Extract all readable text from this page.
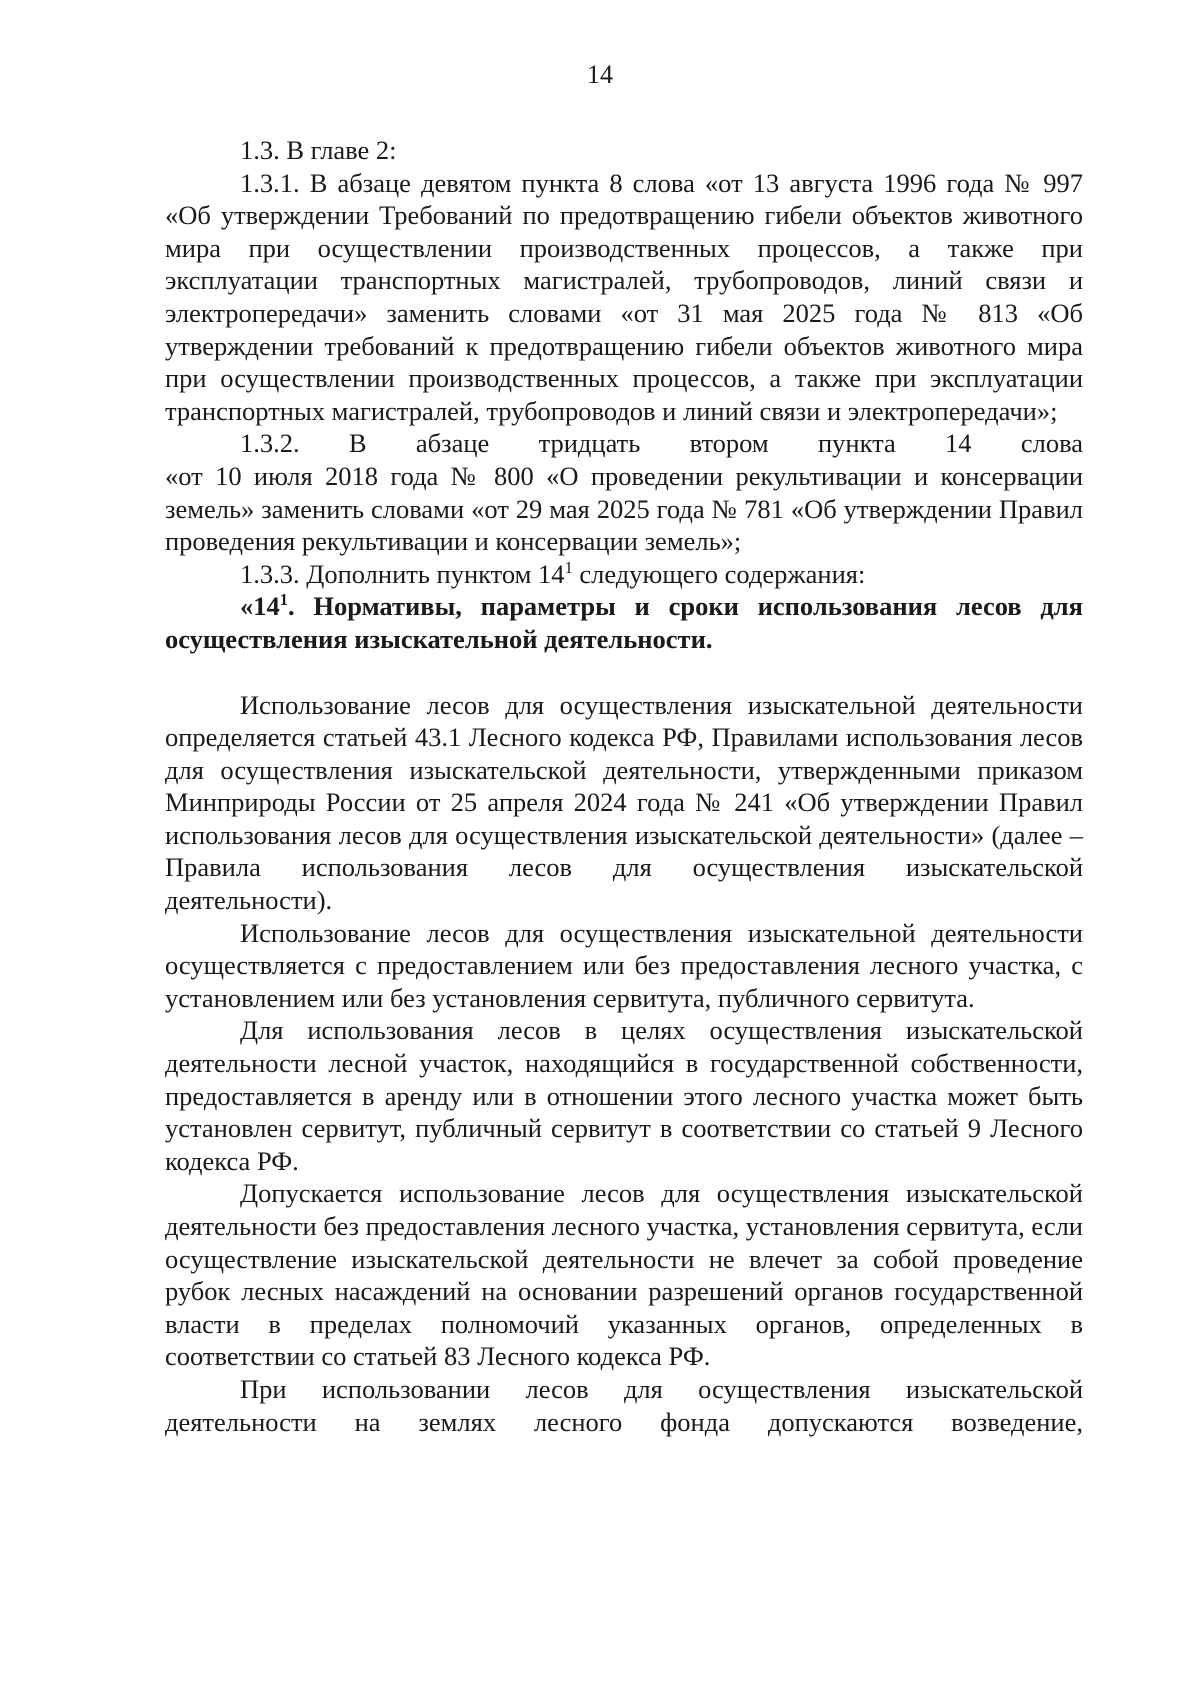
14

1.3. В главе 2:

1.3.1. В абзаце девятом пункта 8 слова «от 13 августа 1996 года № 997 «Об утверждении Требований по предотвращению гибели объектов животного мира при осуществлении производственных процессов, а также при эксплуатации транспортных магистралей, трубопроводов, линий связи и электропередачи» заменить словами «от 31 мая 2025 года № 813 «Об утверждении требований к предотвращению гибели объектов животного мира при осуществлении производственных процессов, а также при эксплуатации транспортных магистралей, трубопроводов и линий связи и электропередачи»;

1.3.2. В абзаце тридцать втором пункта 14 слова

«от 10 июля 2018 года № 800 «О проведении рекультивации и консервации земель» заменить словами «от 29 мая 2025 года № 781 «Об утверждении Правил проведения рекультивации и консервации земель»;

1.3.3. Дополнить пунктом $14^1$ следующего содержания:

«$14^1$. Нормативы, параметры и сроки использования лесов для осуществления изыскательной деятельности.

Использование лесов для осуществления изыскательной деятельности определяется статьей 43.1 Лесного кодекса РФ, Правилами использования лесов для осуществления изыскательской деятельности, утвержденными приказом Минприроды России от 25 апреля 2024 года № 241 «Об утверждении Правил использования лесов для осуществления изыскательской деятельности» (далее – Правила использования лесов для осуществления изыскательской деятельности).

Использование лесов для осуществления изыскательной деятельности осуществляется с предоставлением или без предоставления лесного участка, с установлением или без установления сервитута, публичного сервитута.

Для использования лесов в целях осуществления изыскательской деятельности лесной участок, находящийся в государственной собственности, предоставляется в аренду или в отношении этого лесного участка может быть установлен сервитут, публичный сервитут в соответствии со статьей 9 Лесного кодекса РФ.

Допускается использование лесов для осуществления изыскательской деятельности без предоставления лесного участка, установления сервитута, если осуществление изыскательской деятельности не влечет за собой проведение рубок лесных насаждений на основании разрешений органов государственной власти в пределах полномочий указанных органов, определенных в соответствии со статьей 83 Лесного кодекса РФ.

При использовании лесов для осуществления изыскательской деятельности на землях лесного фонда допускаются возведение,
